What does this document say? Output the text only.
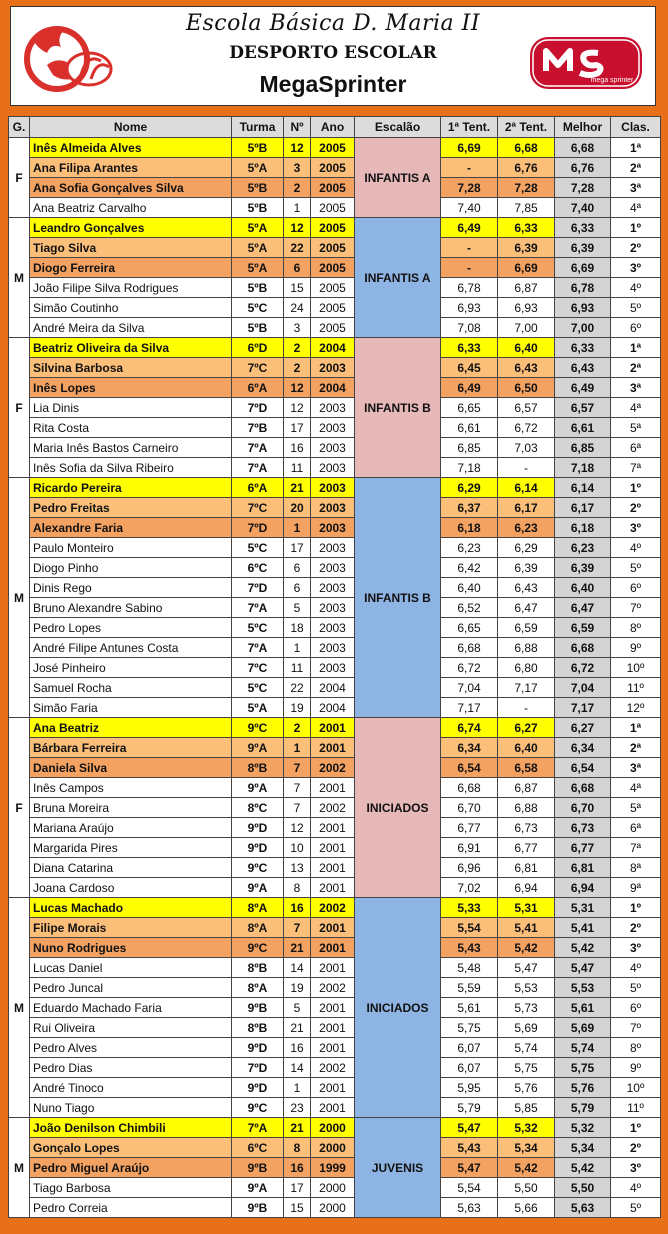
Escola Básica D. Maria II
DESPORTO ESCOLAR
MegaSprinter	mega sprinter
G.	Nome	Turma	Nº	Ano	Escalão	1ª Tent.	2ª Tent.	Melhor	Clas.
F	Inês Almeida Alves	5ºB	12	2005	INFANTIS A	6,69	6,68	6,68	1ª
	Ana Filipa Arantes	5ºA	3	2005		-	6,76	6,76	2ª
	Ana Sofia Gonçalves Silva	5ºB	2	2005		7,28	7,28	7,28	3ª
	Ana Beatriz Carvalho	5ºB	1	2005		7,40	7,85	7,40	4ª
M	Leandro Gonçalves	5ºA	12	2005	INFANTIS A	6,49	6,33	6,33	1º
	Tiago Silva	5ºA	22	2005		-	6,39	6,39	2º
	Diogo Ferreira	5ºA	6	2005		-	6,69	6,69	3º
	João Filipe Silva Rodrigues	5ºB	15	2005		6,78	6,87	6,78	4º
	Simão Coutinho	5ºC	24	2005		6,93	6,93	6,93	5º
	André Meira da Silva	5ºB	3	2005		7,08	7,00	7,00	6º
F	Beatriz Oliveira da Silva	6ºD	2	2004	INFANTIS B	6,33	6,40	6,33	1ª
	Silvina Barbosa	7ºC	2	2003		6,45	6,43	6,43	2ª
	Inês Lopes	6ºA	12	2004		6,49	6,50	6,49	3ª
	Lia Dinis	7ºD	12	2003		6,65	6,57	6,57	4ª
	Rita Costa	7ºB	17	2003		6,61	6,72	6,61	5ª
	Maria Inês Bastos Carneiro	7ºA	16	2003		6,85	7,03	6,85	6ª
	Inês Sofia da Silva Ribeiro	7ºA	11	2003		7,18	-	7,18	7ª
M	Ricardo Pereira	6ºA	21	2003	INFANTIS B	6,29	6,14	6,14	1º
	Pedro Freitas	7ºC	20	2003		6,37	6,17	6,17	2º
	Alexandre Faria	7ºD	1	2003		6,18	6,23	6,18	3º
	Paulo Monteiro	5ºC	17	2003		6,23	6,29	6,23	4º
	Diogo Pinho	6ºC	6	2003		6,42	6,39	6,39	5º
	Dinis Rego	7ºD	6	2003		6,40	6,43	6,40	6º
	Bruno Alexandre Sabino	7ºA	5	2003		6,52	6,47	6,47	7º
	Pedro Lopes	5ºC	18	2003		6,65	6,59	6,59	8º
	André Filipe Antunes Costa	7ºA	1	2003		6,68	6,88	6,68	9º
	José Pinheiro	7ºC	11	2003		6,72	6,80	6,72	10º
	Samuel Rocha	5ºC	22	2004		7,04	7,17	7,04	11º
	Simão Faria	5ºA	19	2004		7,17	-	7,17	12º
F	Ana Beatriz	9ºC	2	2001	INICIADOS	6,74	6,27	6,27	1ª
	Bárbara Ferreira	9ºA	1	2001		6,34	6,40	6,34	2ª
	Daniela Silva	8ºB	7	2002		6,54	6,58	6,54	3ª
	Inês Campos	9ºA	7	2001		6,68	6,87	6,68	4ª
	Bruna Moreira	8ºC	7	2002		6,70	6,88	6,70	5ª
	Mariana Araújo	9ºD	12	2001		6,77	6,73	6,73	6ª
	Margarida Pires	9ºD	10	2001		6,91	6,77	6,77	7ª
	Diana Catarina	9ºC	13	2001		6,96	6,81	6,81	8ª
	Joana Cardoso	9ºA	8	2001		7,02	6,94	6,94	9ª
M	Lucas Machado	8ºA	16	2002	INICIADOS	5,33	5,31	5,31	1º
	Filipe Morais	8ºA	7	2001		5,54	5,41	5,41	2º
	Nuno Rodrigues	9ºC	21	2001		5,43	5,42	5,42	3º
	Lucas Daniel	8ºB	14	2001		5,48	5,47	5,47	4º
	Pedro Juncal	8ºA	19	2002		5,59	5,53	5,53	5º
	Eduardo Machado Faria	9ºB	5	2001		5,61	5,73	5,61	6º
	Rui Oliveira	8ºB	21	2001		5,75	5,69	5,69	7º
	Pedro Alves	9ºD	16	2001		6,07	5,74	5,74	8º
	Pedro Dias	7ºD	14	2002		6,07	5,75	5,75	9º
	André Tinoco	9ºD	1	2001		5,95	5,76	5,76	10º
	Nuno Tiago	9ºC	23	2001		5,79	5,85	5,79	11º
M	João Denilson Chimbili	7ºA	21	2000	JUVENIS	5,47	5,32	5,32	1º
	Gonçalo Lopes	6ºC	8	2000		5,43	5,34	5,34	2º
	Pedro Miguel Araújo	9ºB	16	1999		5,47	5,42	5,42	3º
	Tiago Barbosa	9ºA	17	2000		5,54	5,50	5,50	4º
	Pedro Correia	9ºB	15	2000		5,63	5,66	5,63	5º
